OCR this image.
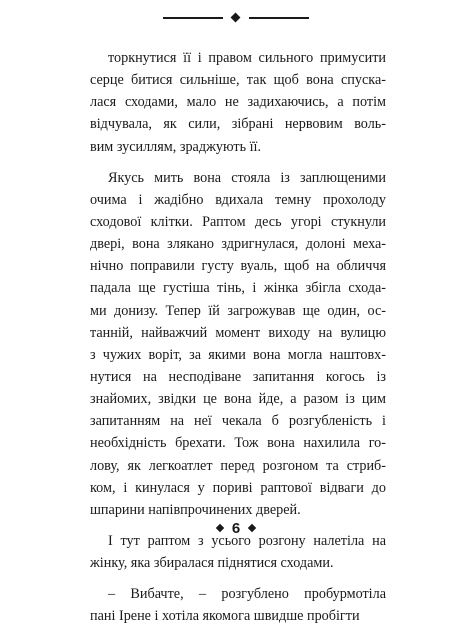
торкнутися її і правом сильного примусити
серце битися сильніше, так щоб вона спуска-
лася сходами, мало не задихаючись, а потім
відчувала, як сили, зібрані нервовим воль-
вим зусиллям, зраджують її.
Якусь мить вона стояла із заплющеними
очима і жадібно вдихала темну прохолоду
сходової клітки. Раптом десь угорі стукнули
двері, вона зляканo здригнулася, долоні меха-
нічно поправили густу вуаль, щоб на обличчя
падала ще густіша тінь, і жінка збігла схода-
ми донизу. Тепер їй загрожував ще один, ос-
танній, найважчий момент виходу на вулицю
з чужих воріт, за якими вона могла наштовх-
нутися на несподіване запитання когось із
знайомих, звідки це вона йде, а разом із цим
запитанням на неї чекала б розгубленість і
необхідність брехати. Тож вона нахилила го-
лову, як легкоатлет перед розгоном та стриб-
ком, і кинулася у пориві раптової відваги до
шпарини напівпрочинених дверей.
І тут раптом з усього розгону налетіла на
жінку, яка збиралася піднятися сходами.
– Вибачте, – розгублено пробурмотіла
пані Ірене і хотіла якомога швидше пробігти
6
